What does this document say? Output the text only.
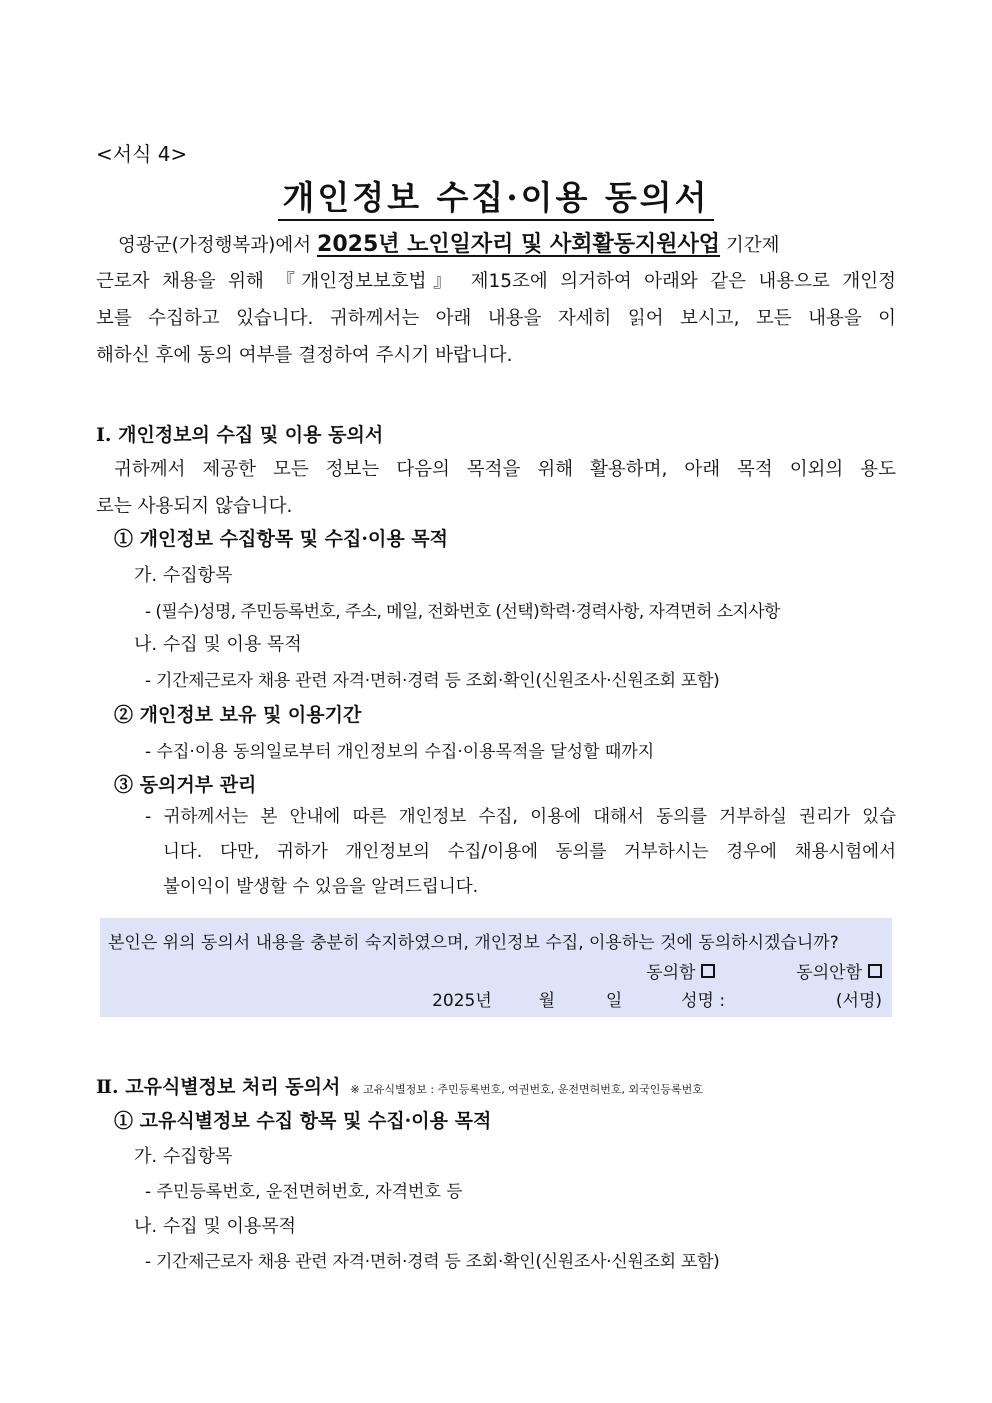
<서식 4>
개인정보 수집·이용 동의서
영광군(가정행복과)에서 2025년 노인일자리 및 사회활동지원사업 기간제
근로자 채용을 위해 『개인정보보호법』 제15조에 의거하여 아래와 같은 내용으로 개인정
보를 수집하고 있습니다. 귀하께서는 아래 내용을 자세히 읽어 보시고, 모든 내용을 이
해하신 후에 동의 여부를 결정하여 주시기 바랍니다.
Ⅰ. 개인정보의 수집 및 이용 동의서
귀하께서 제공한 모든 정보는 다음의 목적을 위해 활용하며, 아래 목적 이외의 용도
로는 사용되지 않습니다.
① 개인정보 수집항목 및 수집·이용 목적
가. 수집항목
- (필수)성명, 주민등록번호, 주소, 메일, 전화번호 (선택)학력·경력사항, 자격면허 소지사항
나. 수집 및 이용 목적
- 기간제근로자 채용 관련 자격·면허·경력 등 조회·확인(신원조사·신원조회 포함)
② 개인정보 보유 및 이용기간
- 수집·이용 동의일로부터 개인정보의 수집·이용목적을 달성할 때까지
③ 동의거부 관리
- 귀하께서는 본 안내에 따른 개인정보 수집, 이용에 대해서 동의를 거부하실 권리가 있습
니다. 다만, 귀하가 개인정보의 수집/이용에 동의를 거부하시는 경우에 채용시험에서
불이익이 발생할 수 있음을 알려드립니다.
본인은 위의 동의서 내용을 충분히 숙지하였으며, 개인정보 수집, 이용하는 것에 동의하시겠습니까?
동의함	동의안함
2025년	월	일	성명 :	(서명)
Ⅱ. 고유식별정보 처리 동의서 ※ 고유식별정보 : 주민등록번호, 여권번호, 운전면허번호, 외국인등록번호
① 고유식별정보 수집 항목 및 수집·이용 목적
가. 수집항목
- 주민등록번호, 운전면허번호, 자격번호 등
나. 수집 및 이용목적
- 기간제근로자 채용 관련 자격·면허·경력 등 조회·확인(신원조사·신원조회 포함)
